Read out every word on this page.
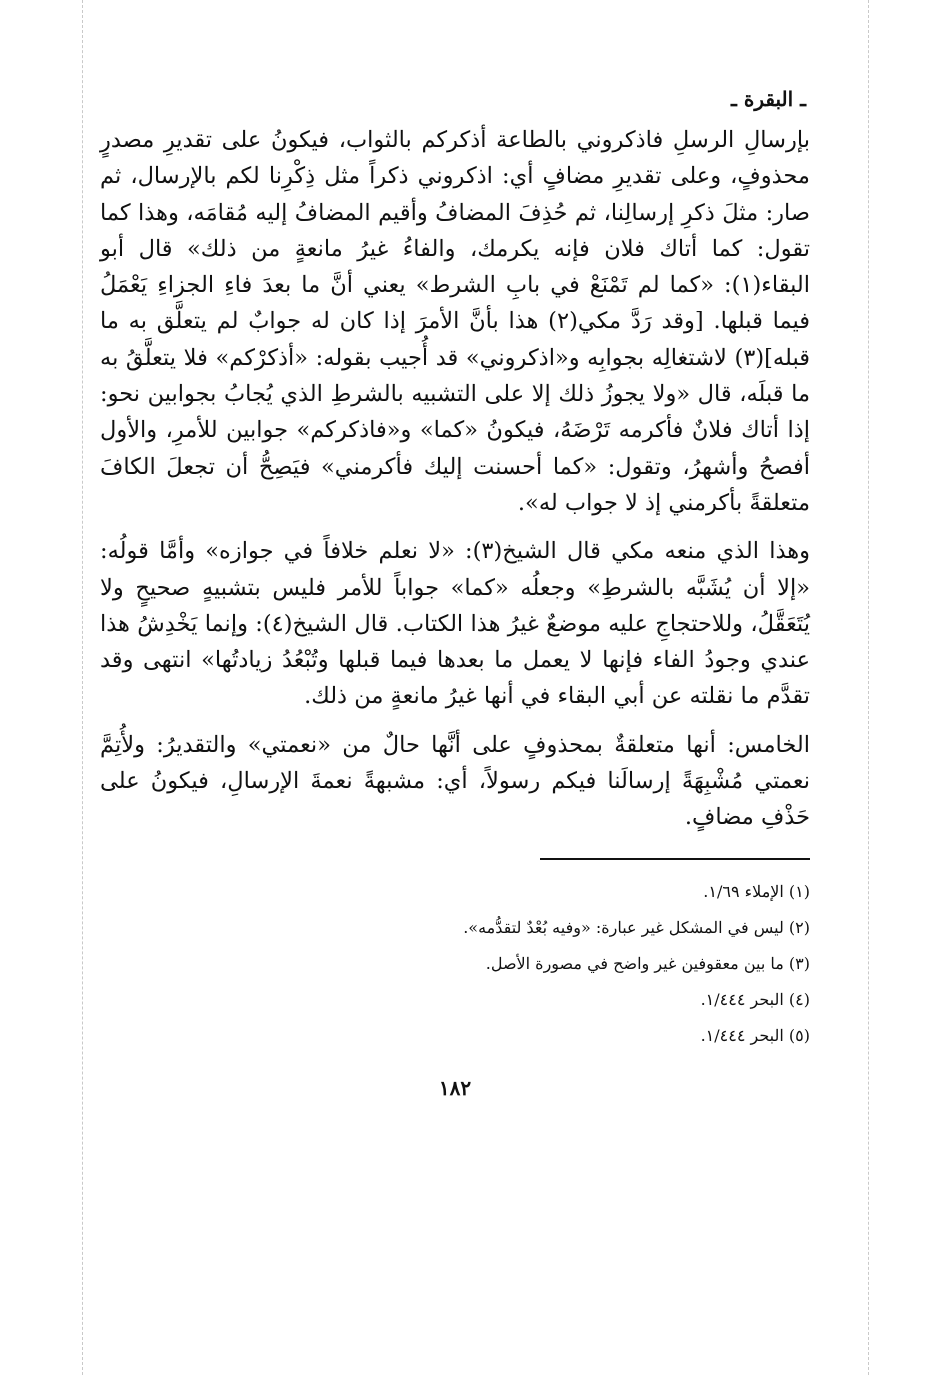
ـ البقرة ـ

بإرسالِ الرسلِ فاذكروني بالطاعة أذكركم بالثواب، فيكونُ على تقديرِ مصدرٍ محذوفٍ، وعلى تقديرِ مضافٍ أي: اذكروني ذكراً مثل ذِكْرِنا لكم بالإرسال، ثم صار: مثلَ ذكرِ إرسالِنا، ثم حُذِفَ المضافُ وأقيم المضافُ إليه مُقامَه، وهذا كما تقول: كما أتاك فلان فإنه يكرمك، والفاءُ غيرُ مانعةٍ من ذلك» قال أبو البقاء(١): «كما لم تَمْنَعْ في بابِ الشرط» يعني أنَّ ما بعدَ فاءِ الجزاءِ يَعْمَلُ فيما قبلها. [وقد رَدَّ مكي(٢) هذا بأنَّ الأمرَ إذا كان له جوابٌ لم يتعلَّق به ما قبله](٣) لاشتغالِه بجوابِه و«اذكروني» قد أُجيب بقوله: «أذكرْكم» فلا يتعلَّقُ به ما قبلَه، قال «ولا يجوزُ ذلك إلا على التشبيه بالشرطِ الذي يُجابُ بجوابين نحو: إذا أتاك فلانٌ فأكرمه تَرْضَهُ، فيكونُ «كما» و«فاذكركم» جوابين للأمرِ، والأول أفصحُ وأشهرُ، وتقول: «كما أحسنت إليك فأكرمني» فيَصِحُّ أن تجعلَ الكافَ متعلقةً بأكرمني إذ لا جواب له».

وهذا الذي منعه مكي قال الشيخ(٣): «لا نعلم خلافاً في جوازه» وأمَّا قولُه: «إلا أن يُشَبَّه بالشرطِ» وجعلُه «كما» جواباً للأمر فليس بتشبيهٍ صحيحٍ ولا يُتَعَقَّلُ، وللاحتجاجِ عليه موضعٌ غيرُ هذا الكتاب. قال الشيخ(٤): وإنما يَخْدِشُ هذا عندي وجودُ الفاء فإنها لا يعمل ما بعدها فيما قبلها وتُبْعُدُ زيادتُها» انتهى وقد تقدَّم ما نقلته عن أبي البقاء في أنها غيرُ مانعةٍ من ذلك.

الخامس: أنها متعلقةٌ بمحذوفٍ على أنَّها حالٌ من «نعمتي» والتقديرُ: ولأُتِمَّ نعمتي مُشْبِهَةً إرسالَنا فيكم رسولاً، أي: مشبهةً نعمةَ الإرسالِ، فيكونُ على حَذْفِ مضافٍ.

(١) الإملاء ١/٦٩.
(٢) ليس في المشكل غير عبارة: «وفيه بُعْدٌ لتقدُّمه».
(٣) ما بين معقوفين غير واضح في مصورة الأصل.
(٤) البحر ١/٤٤٤.
(٥) البحر ١/٤٤٤.
١٨٢
